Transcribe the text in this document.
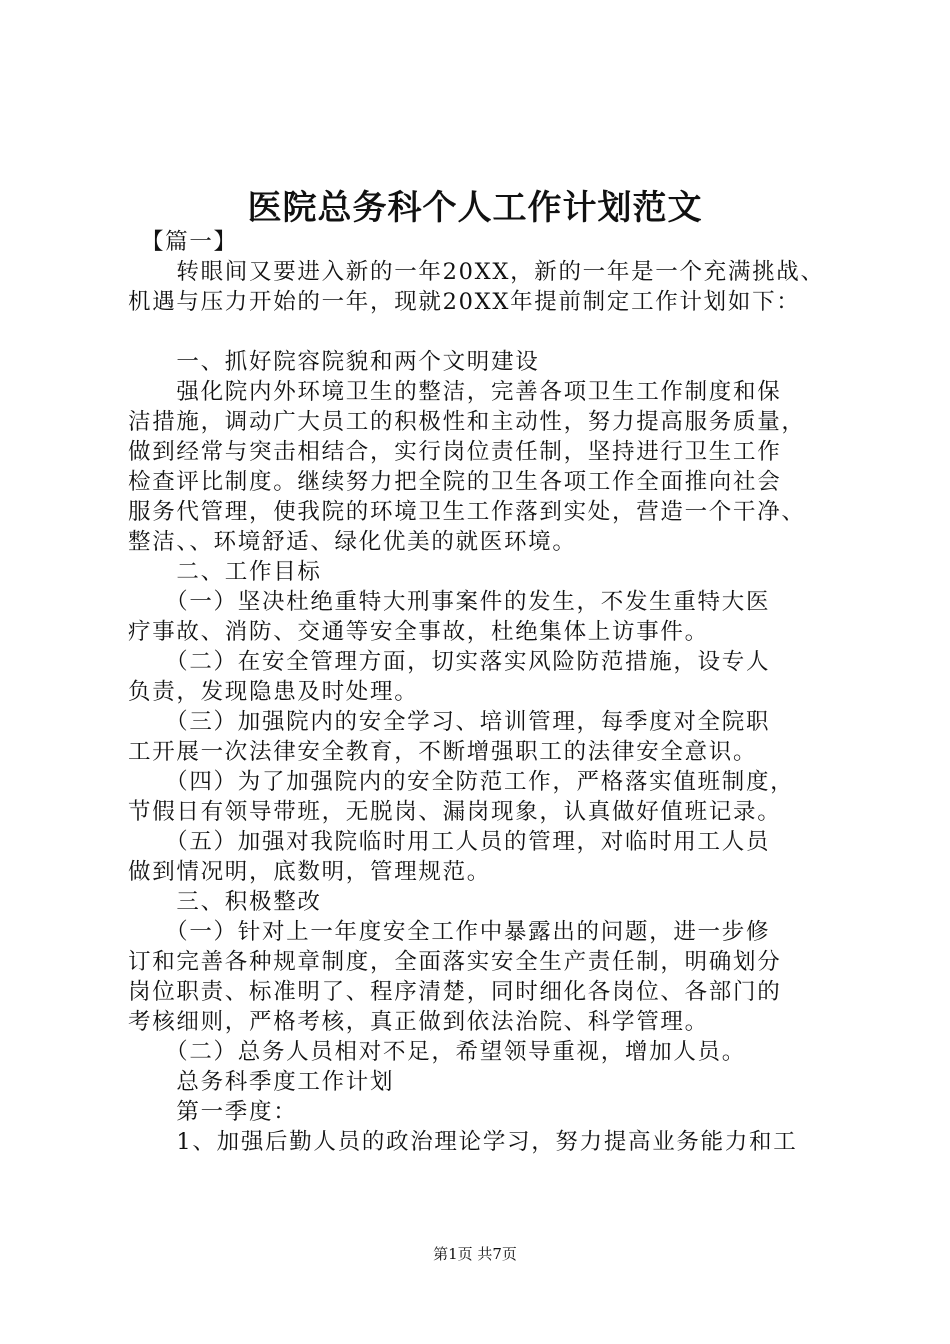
医院总务科个人工作计划范文
　【篇一】
　　转眼间又要进入新的一年20XX，新的一年是一个充满挑战、
机遇与压力开始的一年，现就20XX年提前制定工作计划如下：
　　一、抓好院容院貌和两个文明建设
　　强化院内外环境卫生的整洁，完善各项卫生工作制度和保
洁措施，调动广大员工的积极性和主动性，努力提高服务质量，
做到经常与突击相结合，实行岗位责任制，坚持进行卫生工作
检查评比制度。继续努力把全院的卫生各项工作全面推向社会
服务代管理，使我院的环境卫生工作落到实处，营造一个干净、
整洁、、环境舒适、绿化优美的就医环境。
　　二、工作目标
　　（一）坚决杜绝重特大刑事案件的发生，不发生重特大医
疗事故、消防、交通等安全事故，杜绝集体上访事件。
　　（二）在安全管理方面，切实落实风险防范措施，设专人
负责，发现隐患及时处理。
　　（三）加强院内的安全学习、培训管理，每季度对全院职
工开展一次法律安全教育，不断增强职工的法律安全意识。
　　（四）为了加强院内的安全防范工作，严格落实值班制度，
节假日有领导带班，无脱岗、漏岗现象，认真做好值班记录。
　　（五）加强对我院临时用工人员的管理，对临时用工人员
做到情况明，底数明，管理规范。
　　三、积极整改
　　（一）针对上一年度安全工作中暴露出的问题，进一步修
订和完善各种规章制度，全面落实安全生产责任制，明确划分
岗位职责、标准明了、程序清楚，同时细化各岗位、各部门的
考核细则，严格考核，真正做到依法治院、科学管理。
　　（二）总务人员相对不足，希望领导重视，增加人员。
　　总务科季度工作计划
　　第一季度：
　　1、加强后勤人员的政治理论学习，努力提高业务能力和工
第1页 共7页
